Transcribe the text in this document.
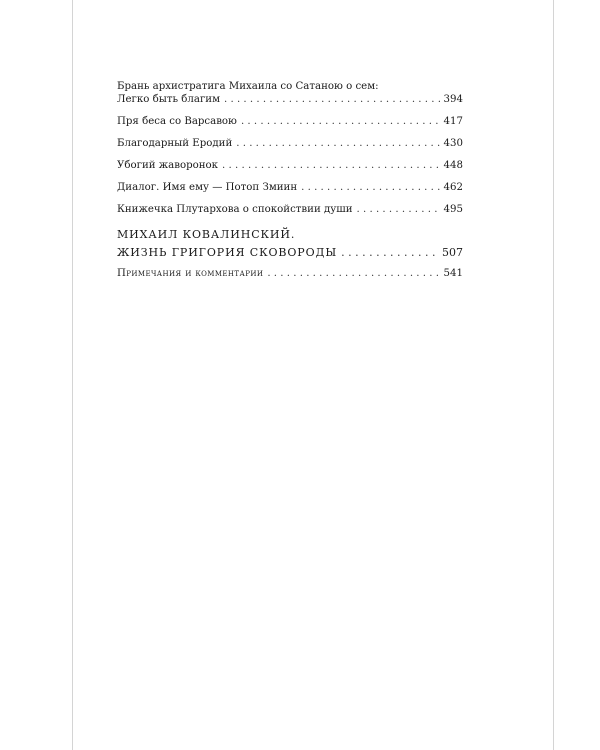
Брань архистратига Михаила со Сатаною о сем:
Легко быть благим . . .	394
Пря беса со Варсавою . . .	417
Благодарный Еродий . . .	430
Убогий жаворонок . . .	448
Диалог. Имя ему — Потоп Змиин . . .	462
Книжечка Плутархова о спокойствии души . . .	495
МИХАИЛ КОВАЛИНСКИЙ.
ЖИЗНЬ ГРИГОРИЯ СКОВОРОДЫ . . .	507
Примечания и комментарии . . .	541
